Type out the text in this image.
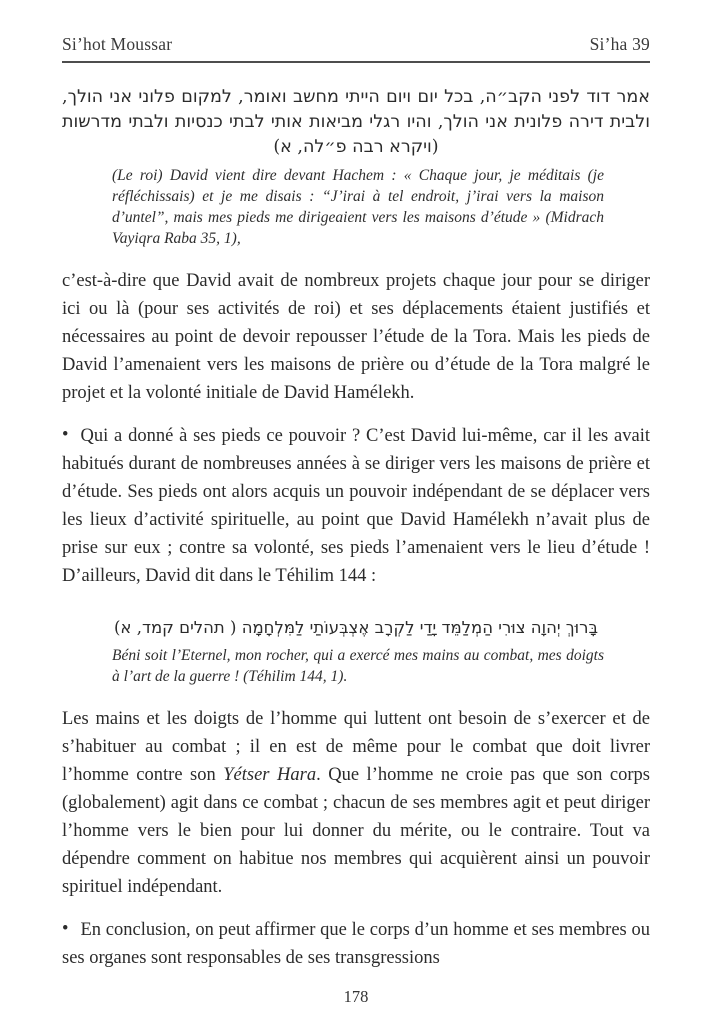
Si’hot Moussar	Si’ha 39

אמר דוד לפני הקב״ה, בכל יום ויום הייתי מחשב ואומר, למקום פלוני אני הולך, ולבית דירה פלונית אני הולך, והיו רגלי מביאות אותי לבתי כנסיות ולבתי מדרשות (ויקרא רבה פ״לה, א)

(Le roi) David vient dire devant Hachem : « Chaque jour, je méditais (je réfléchissais) et je me disais : “J’irai à tel endroit, j’irai vers la maison d’untel”, mais mes pieds me dirigeaient vers les maisons d’étude » (Midrach Vayiqra Raba 35, 1),

c’est-à-dire que David avait de nombreux projets chaque jour pour se diriger ici ou là (pour ses activités de roi) et ses déplacements étaient justifiés et nécessaires au point de devoir repousser l’étude de la Tora. Mais les pieds de David l’amenaient vers les maisons de prière ou d’étude de la Tora malgré le projet et la volonté initiale de David Hamélekh.

• Qui a donné à ses pieds ce pouvoir ? C’est David lui-même, car il les avait habitués durant de nombreuses années à se diriger vers les maisons de prière et d’étude. Ses pieds ont alors acquis un pouvoir indépendant de se déplacer vers les lieux d’activité spirituelle, au point que David Hamélekh n’avait plus de prise sur eux ; contre sa volonté, ses pieds l’amenaient vers le lieu d’étude ! D’ailleurs, David dit dans le Téhilim 144 :

בָּרוּךְ יְהוָה צוּרִי הַמְלַמֵּד יָדַי לַקְרָב אֶצְבְּעוֹתַי לַמִּלְחָמָה ( תהלים קמד, א)

Béni soit l’Eternel, mon rocher, qui a exercé mes mains au combat, mes doigts à l’art de la guerre ! (Téhilim 144, 1).

Les mains et les doigts de l’homme qui luttent ont besoin de s’exercer et de s’habituer au combat ; il en est de même pour le combat que doit livrer l’homme contre son Yétser Hara. Que l’homme ne croie pas que son corps (globalement) agit dans ce combat ; chacun de ses membres agit et peut diriger l’homme vers le bien pour lui donner du mérite, ou le contraire. Tout va dépendre comment on habitue nos membres qui acquièrent ainsi un pouvoir spirituel indépendant.

• En conclusion, on peut affirmer que le corps d’un homme et ses membres ou ses organes sont responsables de ses transgressions

178
